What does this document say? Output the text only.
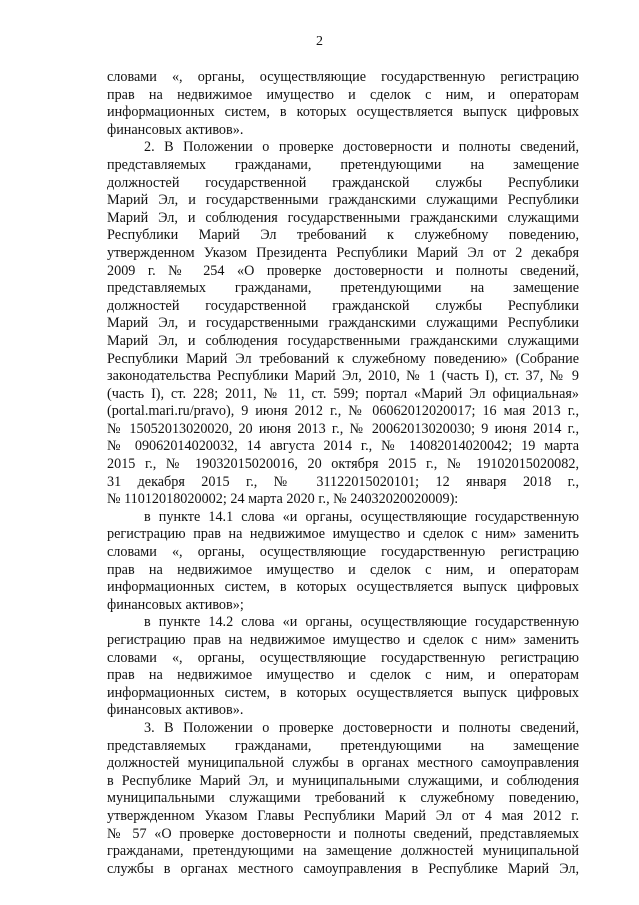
2
словами «, органы, осуществляющие государственную регистрацию
прав на недвижимое имущество и сделок с ним, и операторам
информационных систем, в которых осуществляется выпуск цифровых
финансовых активов».
2. В Положении о проверке достоверности и полноты сведений,
представляемых гражданами, претендующими на замещение
должностей государственной гражданской службы Республики
Марий Эл, и государственными гражданскими служащими Республики
Марий Эл, и соблюдения государственными гражданскими служащими
Республики Марий Эл требований к служебному поведению,
утвержденном Указом Президента Республики Марий Эл от 2 декабря
2009 г. № 254 «О проверке достоверности и полноты сведений,
представляемых гражданами, претендующими на замещение
должностей государственной гражданской службы Республики
Марий Эл, и государственными гражданскими служащими Республики
Марий Эл, и соблюдения государственными гражданскими служащими
Республики Марий Эл требований к служебному поведению» (Собрание
законодательства Республики Марий Эл, 2010, № 1 (часть I), ст. 37, № 9
(часть I), ст. 228; 2011, № 11, ст. 599; портал «Марий Эл официальная»
(portal.mari.ru/pravo), 9 июня 2012 г., № 06062012020017; 16 мая 2013 г.,
№ 15052013020020, 20 июня 2013 г., № 20062013020030; 9 июня 2014 г.,
№ 09062014020032, 14 августа 2014 г., № 14082014020042; 19 марта
2015 г., № 19032015020016, 20 октября 2015 г., № 19102015020082,
31 декабря 2015 г., № 31122015020101; 12 января 2018 г.,
№ 11012018020002; 24 марта 2020 г., № 24032020020009):
в пункте 14.1 слова «и органы, осуществляющие государственную
регистрацию прав на недвижимое имущество и сделок с ним» заменить
словами «, органы, осуществляющие государственную регистрацию
прав на недвижимое имущество и сделок с ним, и операторам
информационных систем, в которых осуществляется выпуск цифровых
финансовых активов»;
в пункте 14.2 слова «и органы, осуществляющие государственную
регистрацию прав на недвижимое имущество и сделок с ним» заменить
словами «, органы, осуществляющие государственную регистрацию
прав на недвижимое имущество и сделок с ним, и операторам
информационных систем, в которых осуществляется выпуск цифровых
финансовых активов».
3. В Положении о проверке достоверности и полноты сведений,
представляемых гражданами, претендующими на замещение
должностей муниципальной службы в органах местного самоуправления
в Республике Марий Эл, и муниципальными служащими, и соблюдения
муниципальными служащими требований к служебному поведению,
утвержденном Указом Главы Республики Марий Эл от 4 мая 2012 г.
№ 57 «О проверке достоверности и полноты сведений, представляемых
гражданами, претендующими на замещение должностей муниципальной
службы в органах местного самоуправления в Республике Марий Эл,
